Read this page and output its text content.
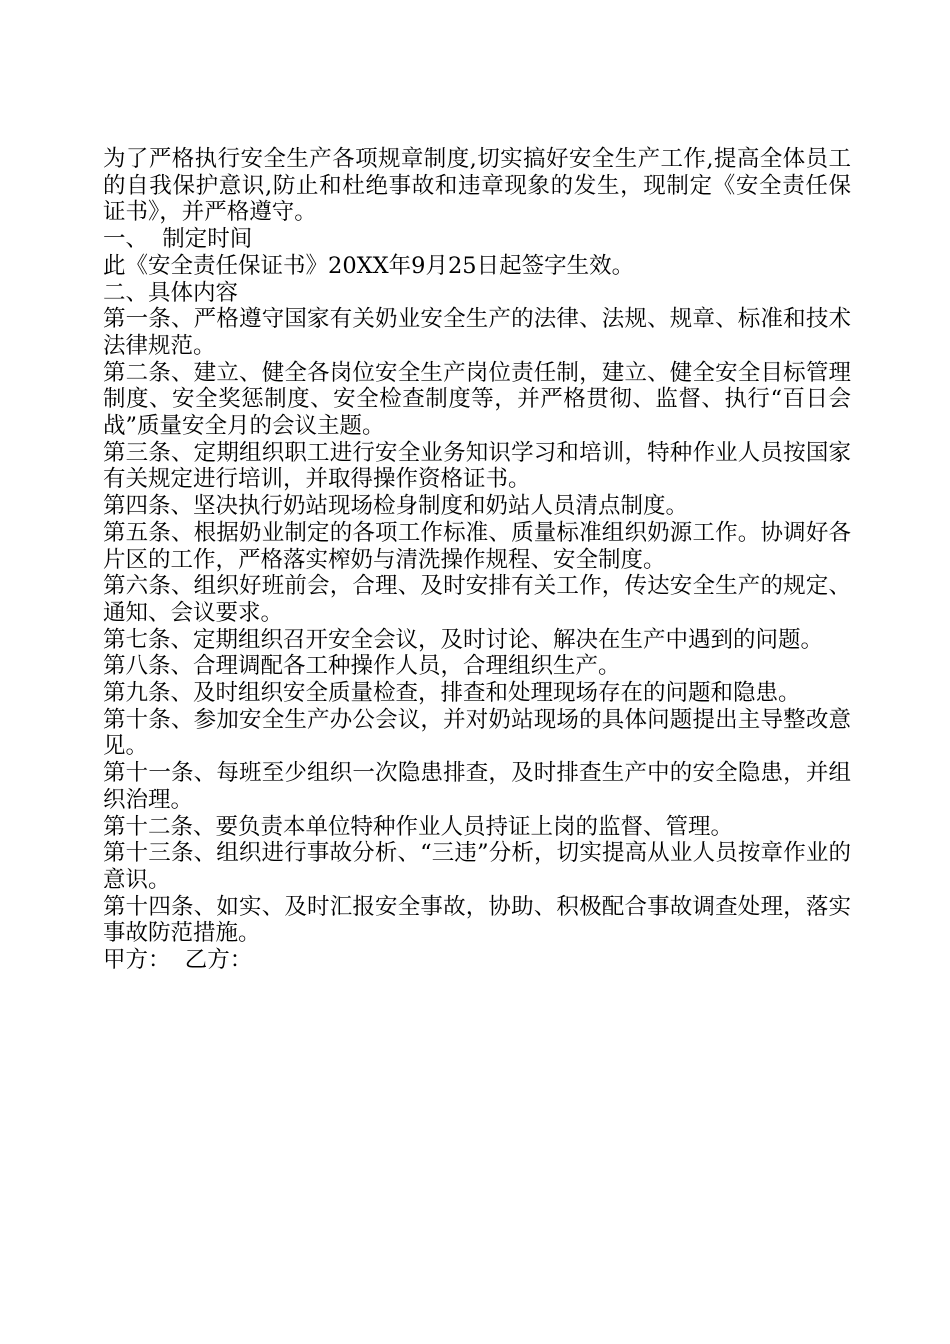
为了严格执行安全生产各项规章制度,切实搞好安全生产工作,提高全体员工的自我保护意识,防止和杜绝事故和违章现象的发生，现制定《安全责任保证书》，并严格遵守。

一、  制定时间

此《安全责任保证书》20XX年9月25日起签字生效。

二、具体内容

第一条、严格遵守国家有关奶业安全生产的法律、法规、规章、标准和技术法律规范。

第二条、建立、健全各岗位安全生产岗位责任制，建立、健全安全目标管理制度、安全奖惩制度、安全检查制度等，并严格贯彻、监督、执行“百日会战”质量安全月的会议主题。

第三条、定期组织职工进行安全业务知识学习和培训，特种作业人员按国家有关规定进行培训，并取得操作资格证书。

第四条、坚决执行奶站现场检身制度和奶站人员清点制度。

第五条、根据奶业制定的各项工作标准、质量标准组织奶源工作。协调好各片区的工作，严格落实榨奶与清洗操作规程、安全制度。

第六条、组织好班前会，合理、及时安排有关工作，传达安全生产的规定、通知、会议要求。

第七条、定期组织召开安全会议，及时讨论、解决在生产中遇到的问题。

第八条、合理调配各工种操作人员，合理组织生产。

第九条、及时组织安全质量检查，排查和处理现场存在的问题和隐患。

第十条、参加安全生产办公会议，并对奶站现场的具体问题提出主导整改意见。

第十一条、每班至少组织一次隐患排查，及时排查生产中的安全隐患，并组织治理。

第十二条、要负责本单位特种作业人员持证上岗的监督、管理。

第十三条、组织进行事故分析、“三违”分析，切实提高从业人员按章作业的意识。

第十四条、如实、及时汇报安全事故，协助、积极配合事故调查处理，落实事故防范措施。

甲方：  乙方：
